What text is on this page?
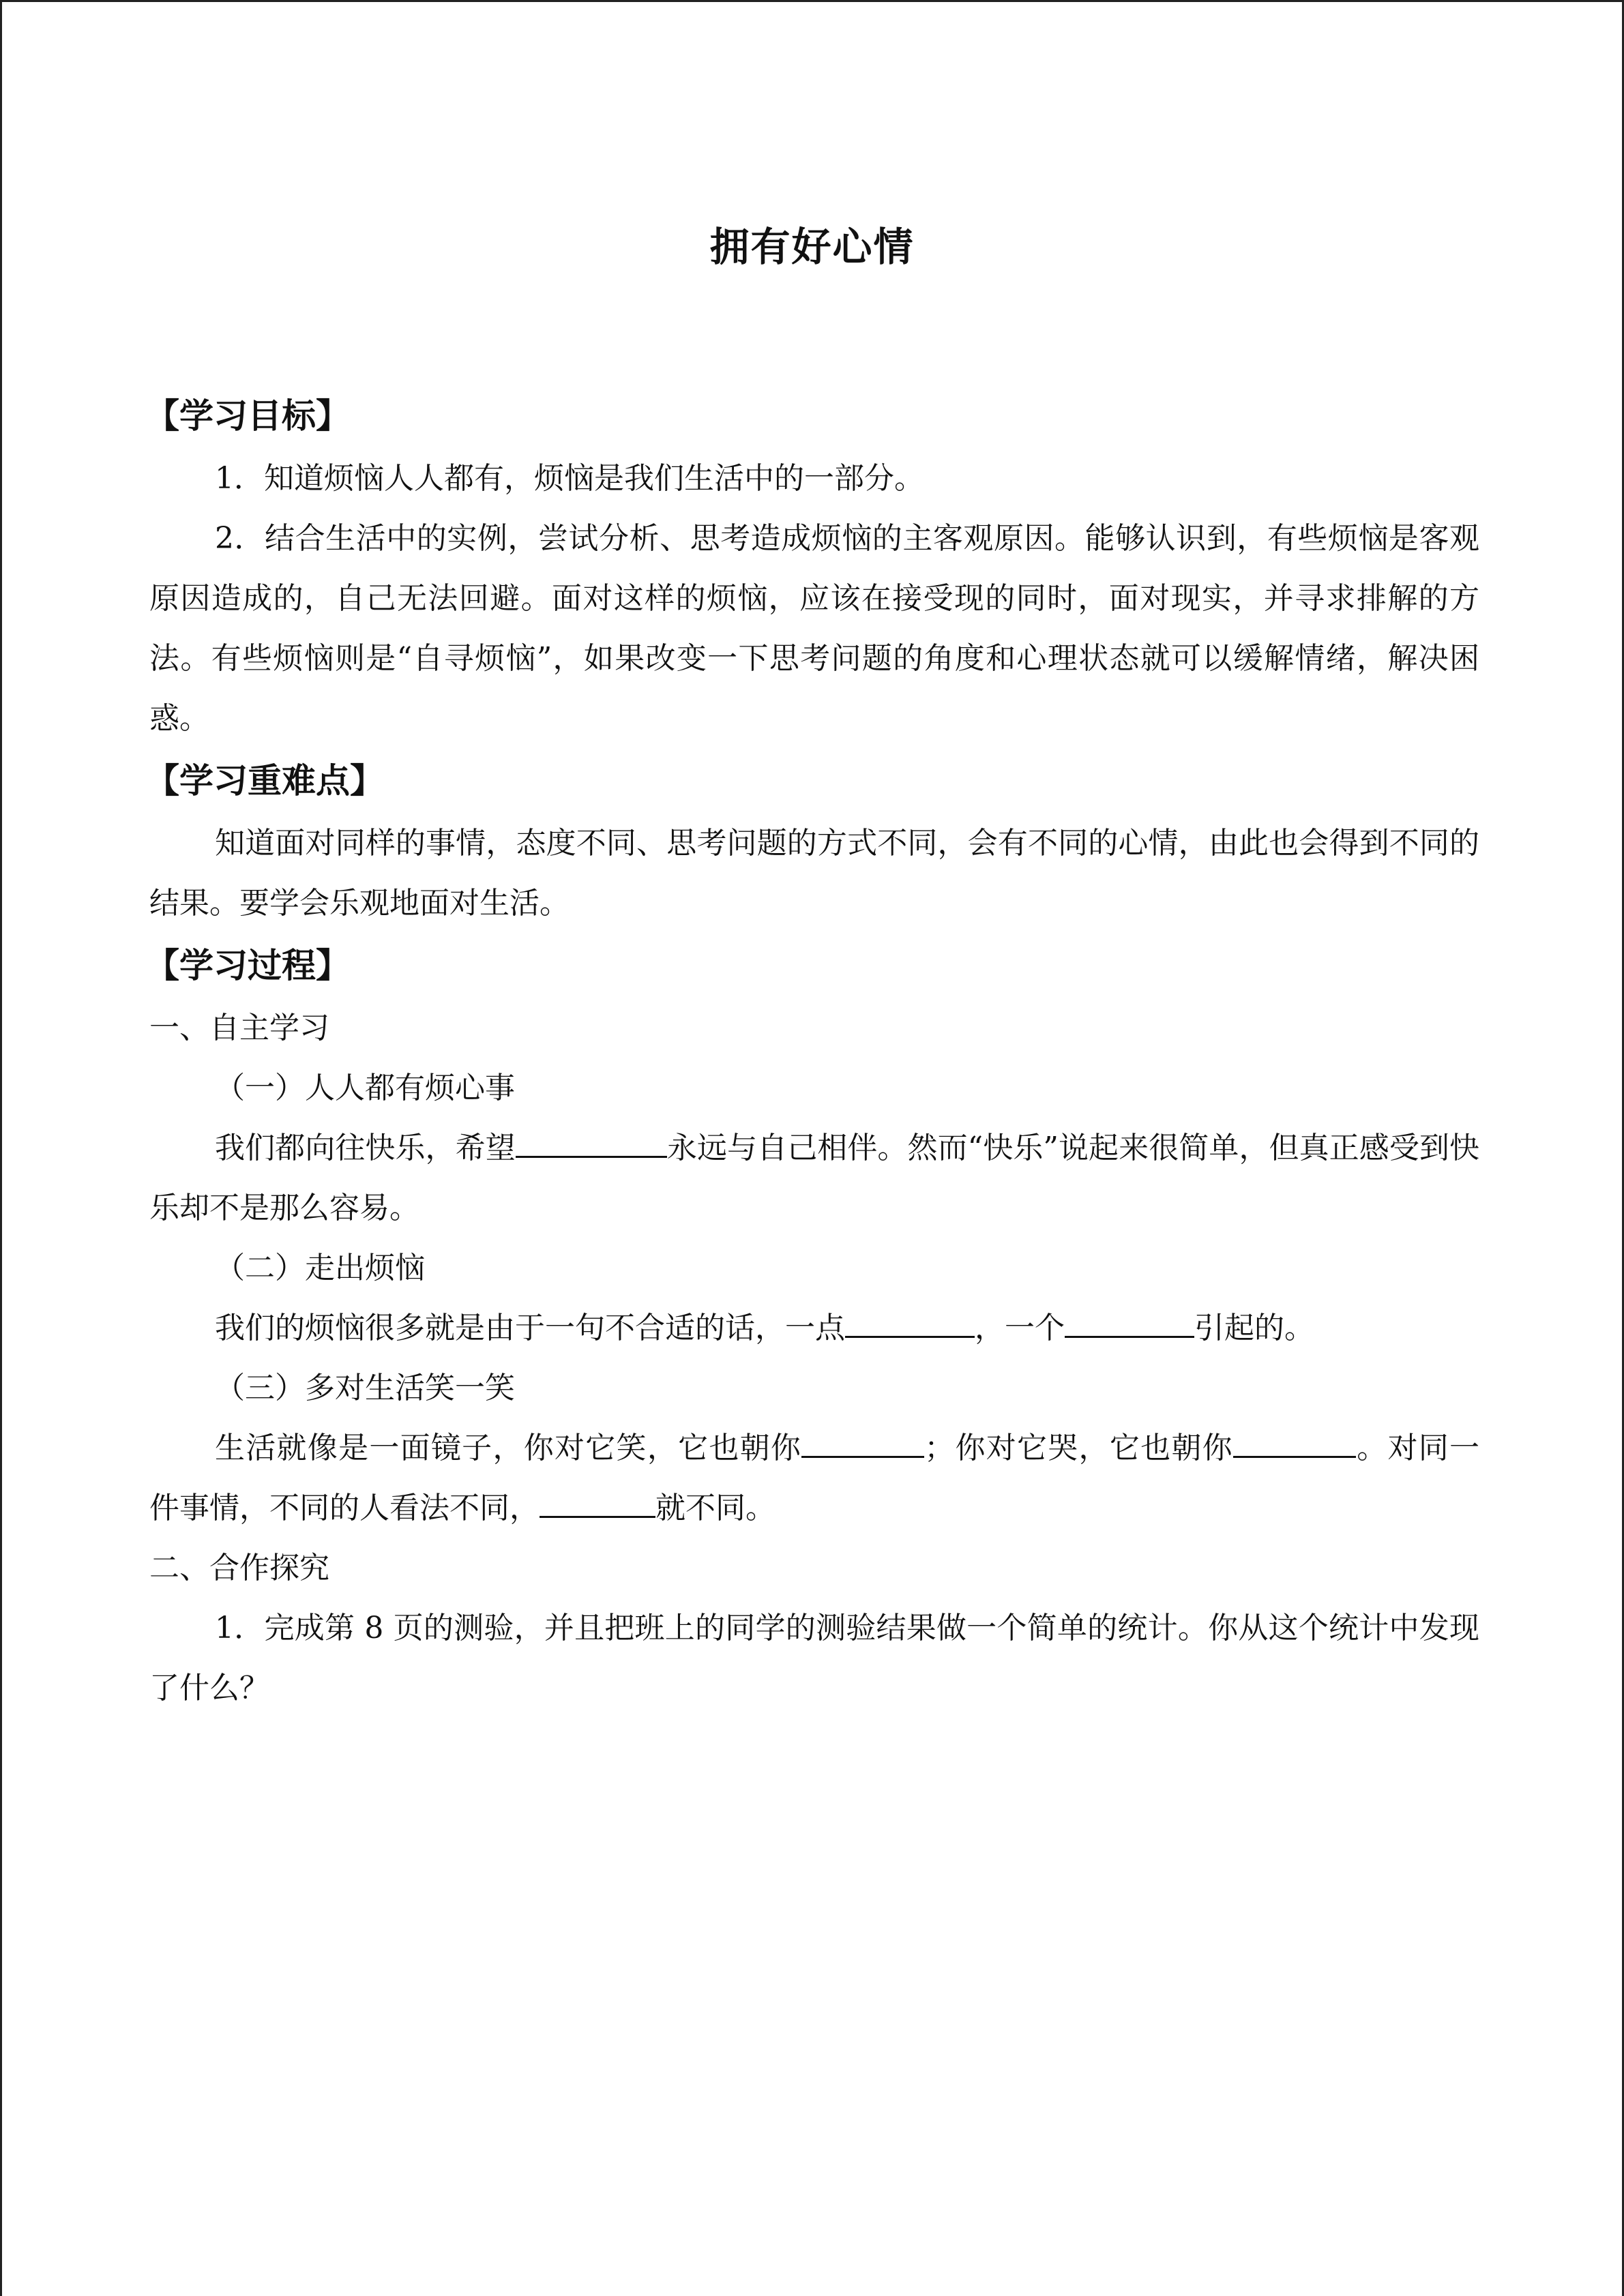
拥有好心情
【学习目标】
1．知道烦恼人人都有，烦恼是我们生活中的一部分。
2．结合生活中的实例，尝试分析、思考造成烦恼的主客观原因。能够认识到，有些烦恼是客观原因造成的，自己无法回避。面对这样的烦恼，应该在接受现的同时，面对现实，并寻求排解的方法。有些烦恼则是“自寻烦恼”，如果改变一下思考问题的角度和心理状态就可以缓解情绪，解决困惑。
【学习重难点】
知道面对同样的事情，态度不同、思考问题的方式不同，会有不同的心情，由此也会得到不同的结果。要学会乐观地面对生活。
【学习过程】
一、自主学习
（一）人人都有烦心事
我们都向往快乐，希望	永远与自己相伴。然而“快乐”说起来很简单，但真正感受到快乐却不是那么容易。
（二）走出烦恼
我们的烦恼很多就是由于一句不合适的话，一点	，一个	引起的。
（三）多对生活笑一笑
生活就像是一面镜子，你对它笑，它也朝你	；你对它哭，它也朝你	。对同一件事情，不同的人看法不同，	就不同。
二、合作探究
1．完成第 8 页的测验，并且把班上的同学的测验结果做一个简单的统计。你从这个统计中发现了什么？
